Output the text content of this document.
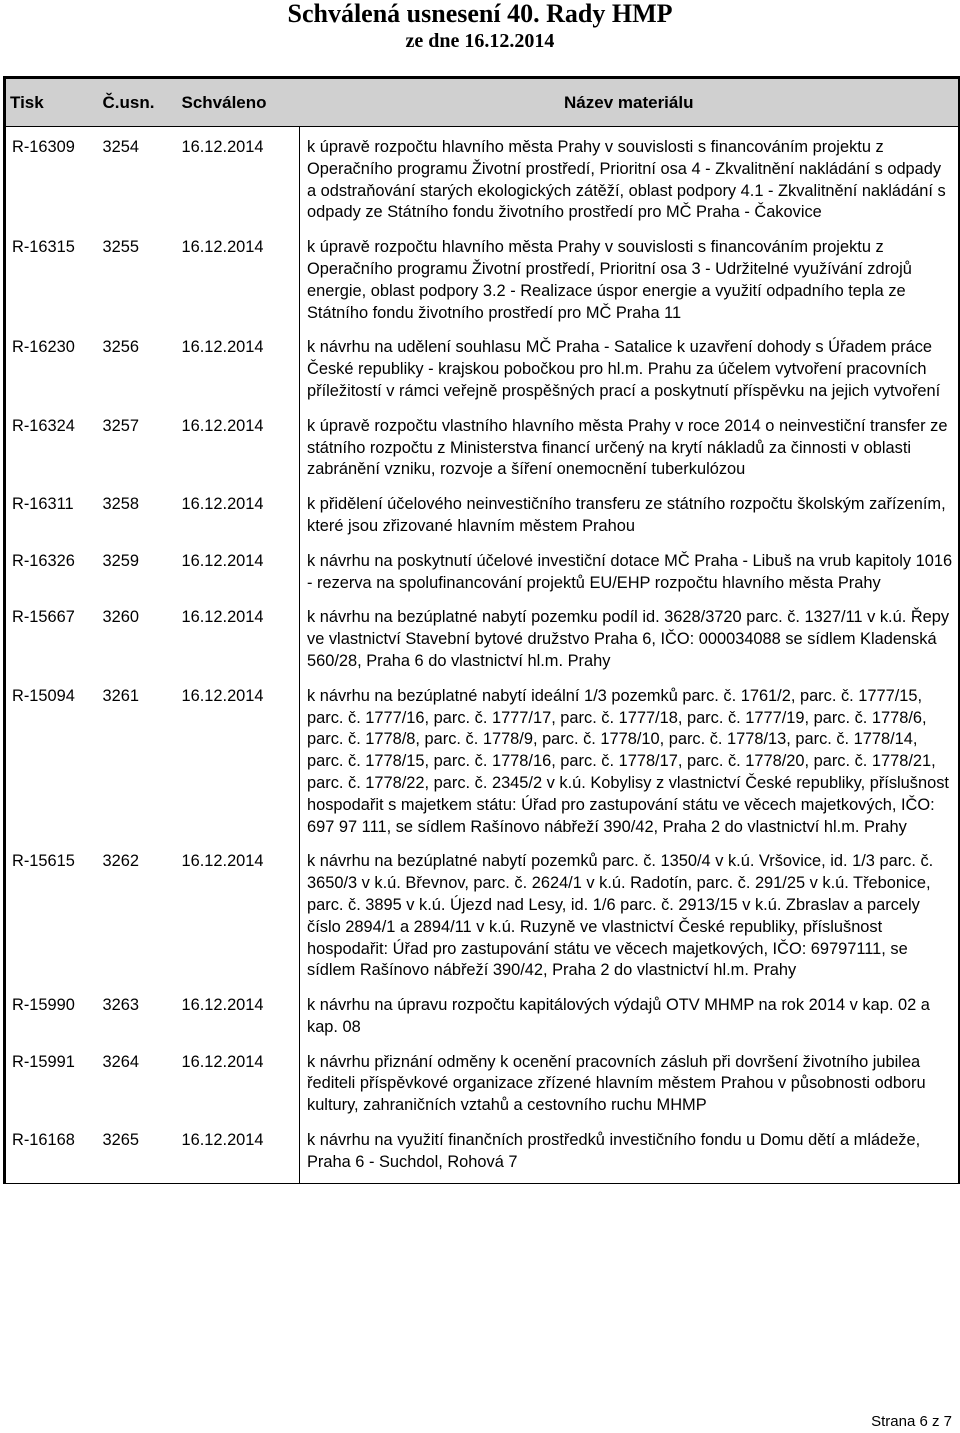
Schválená usnesení 40. Rady HMP
ze dne 16.12.2014
Tisk	Č.usn.	Schváleno	Název materiálu
R-16309	3254	16.12.2014	k úpravě rozpočtu hlavního města Prahy v souvislosti s financováním projektu z Operačního programu Životní prostředí, Prioritní osa 4 - Zkvalitnění nakládání s odpady a odstraňování starých ekologických zátěží, oblast podpory 4.1 - Zkvalitnění nakládání s odpady ze Státního fondu životního prostředí pro MČ Praha - Čakovice
R-16315	3255	16.12.2014	k úpravě rozpočtu hlavního města Prahy v souvislosti s financováním projektu z Operačního programu Životní prostředí, Prioritní osa 3 - Udržitelné využívání zdrojů energie, oblast podpory 3.2 - Realizace úspor energie a využití odpadního tepla ze Státního fondu životního prostředí pro MČ Praha 11
R-16230	3256	16.12.2014	k návrhu na udělení souhlasu MČ Praha - Satalice k uzavření dohody s Úřadem práce České republiky - krajskou pobočkou pro hl.m. Prahu za účelem vytvoření pracovních příležitostí v rámci veřejně prospěšných prací a poskytnutí příspěvku na jejich vytvoření
R-16324	3257	16.12.2014	k úpravě rozpočtu vlastního hlavního města Prahy v roce 2014 o neinvestiční transfer ze státního rozpočtu z Ministerstva financí určený na krytí nákladů za činnosti v oblasti zabránění vzniku, rozvoje a šíření onemocnění tuberkulózou
R-16311	3258	16.12.2014	k přidělení účelového neinvestičního transferu ze státního rozpočtu školským zařízením, které jsou zřizované hlavním městem Prahou
R-16326	3259	16.12.2014	k návrhu na poskytnutí účelové investiční dotace MČ Praha - Libuš na vrub kapitoly 1016 - rezerva na spolufinancování projektů EU/EHP rozpočtu hlavního města Prahy
R-15667	3260	16.12.2014	k návrhu na bezúplatné nabytí pozemku podíl id. 3628/3720 parc. č. 1327/11 v k.ú. Řepy ve vlastnictví Stavební bytové družstvo Praha 6, IČO: 000034088 se sídlem Kladenská 560/28, Praha 6 do vlastnictví hl.m. Prahy
R-15094	3261	16.12.2014	k návrhu na bezúplatné nabytí ideální 1/3 pozemků parc. č. 1761/2, parc. č. 1777/15, parc. č. 1777/16, parc. č. 1777/17, parc. č. 1777/18, parc. č. 1777/19, parc. č. 1778/6, parc. č. 1778/8, parc. č. 1778/9, parc. č. 1778/10, parc. č. 1778/13, parc. č. 1778/14, parc. č. 1778/15, parc. č. 1778/16, parc. č. 1778/17, parc. č. 1778/20, parc. č. 1778/21, parc. č. 1778/22, parc. č. 2345/2 v k.ú. Kobylisy z vlastnictví České republiky, příslušnost hospodařit s majetkem státu: Úřad pro zastupování státu ve věcech majetkových, IČO: 697 97 111, se sídlem Rašínovo nábřeží 390/42, Praha 2 do vlastnictví hl.m. Prahy
R-15615	3262	16.12.2014	k návrhu na bezúplatné nabytí pozemků parc. č. 1350/4 v k.ú. Vršovice, id. 1/3 parc. č. 3650/3 v k.ú. Břevnov, parc. č. 2624/1 v k.ú. Radotín, parc. č. 291/25 v k.ú. Třebonice, parc. č. 3895 v k.ú. Újezd nad Lesy, id. 1/6 parc. č. 2913/15 v k.ú. Zbraslav a parcely číslo 2894/1 a 2894/11 v k.ú. Ruzyně ve vlastnictví České republiky, příslušnost hospodařit: Úřad pro zastupování státu ve věcech majetkových, IČO: 69797111, se sídlem Rašínovo nábřeží 390/42, Praha 2 do vlastnictví hl.m. Prahy
R-15990	3263	16.12.2014	k návrhu na úpravu rozpočtu kapitálových výdajů OTV MHMP na rok 2014 v kap. 02 a kap. 08
R-15991	3264	16.12.2014	k návrhu přiznání odměny k ocenění pracovních zásluh při dovršení životního jubilea řediteli příspěvkové organizace zřízené hlavním městem Prahou v působnosti odboru kultury, zahraničních vztahů a cestovního ruchu MHMP
R-16168	3265	16.12.2014	k návrhu na využití finančních prostředků investičního fondu u Domu dětí a mládeže, Praha 6 - Suchdol, Rohová 7
Strana 6 z 7
